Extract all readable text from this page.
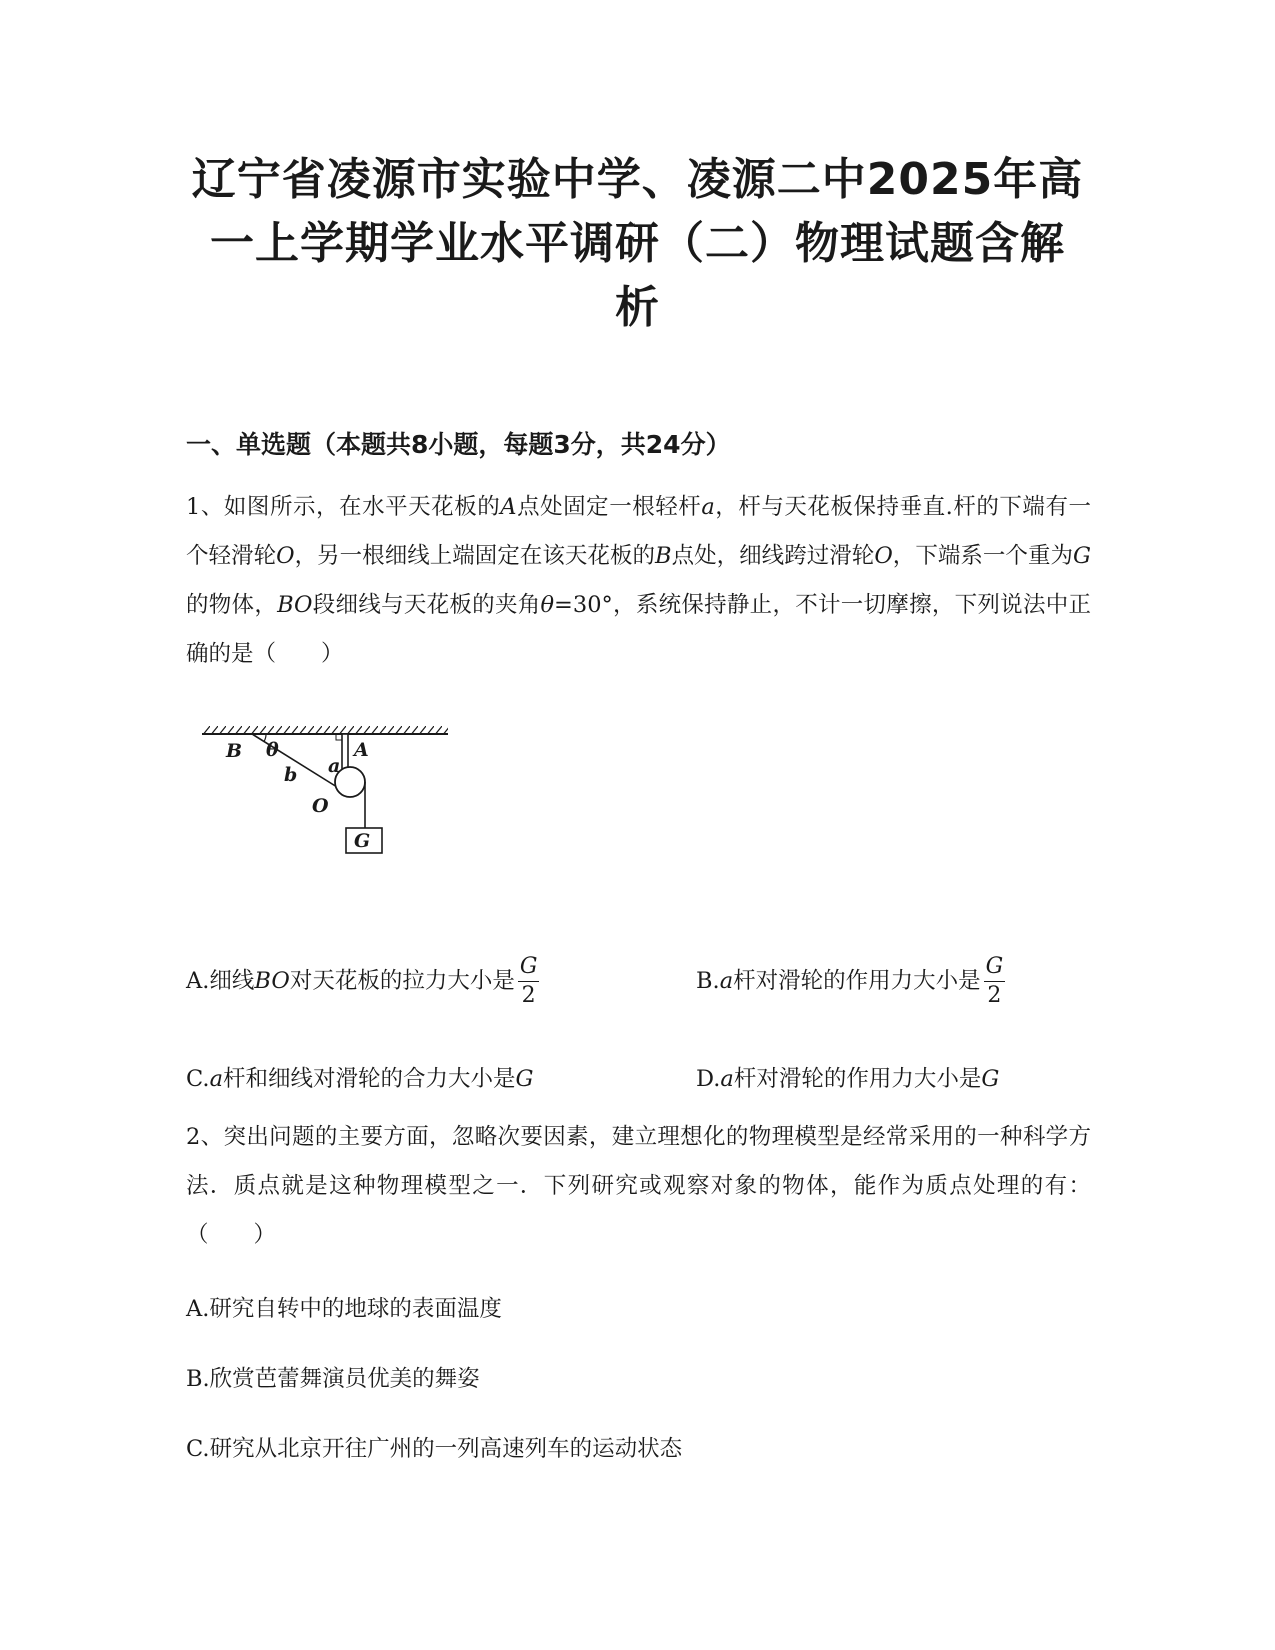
辽宁省凌源市实验中学、凌源二中2025年高
一上学期学业水平调研（二）物理试题含解
析
一、单选题（本题共8小题，每题3分，共24分）
1、如图所示，在水平天花板的A点处固定一根轻杆a，杆与天花板保持垂直.杆的下端有一个轻滑轮O，另一根细线上端固定在该天花板的B点处，细线跨过滑轮O，下端系一个重为G的物体，BO段细线与天花板的夹角θ=30°，系统保持静止，不计一切摩擦，下列说法中正确的是（　　）
B θ	A
a
b
O
G
A.细线BO对天花板的拉力大小是 $\frac{G}{2}$	B.a杆对滑轮的作用力大小是 $\frac{G}{2}$
C.a杆和细线对滑轮的合力大小是G	D.a杆对滑轮的作用力大小是G
2、突出问题的主要方面，忽略次要因素，建立理想化的物理模型是经常采用的一种科学方法．质点就是这种物理模型之一．下列研究或观察对象的物体，能作为质点处理的有：（　　）
A.研究自转中的地球的表面温度
B.欣赏芭蕾舞演员优美的舞姿
C.研究从北京开往广州的一列高速列车的运动状态
